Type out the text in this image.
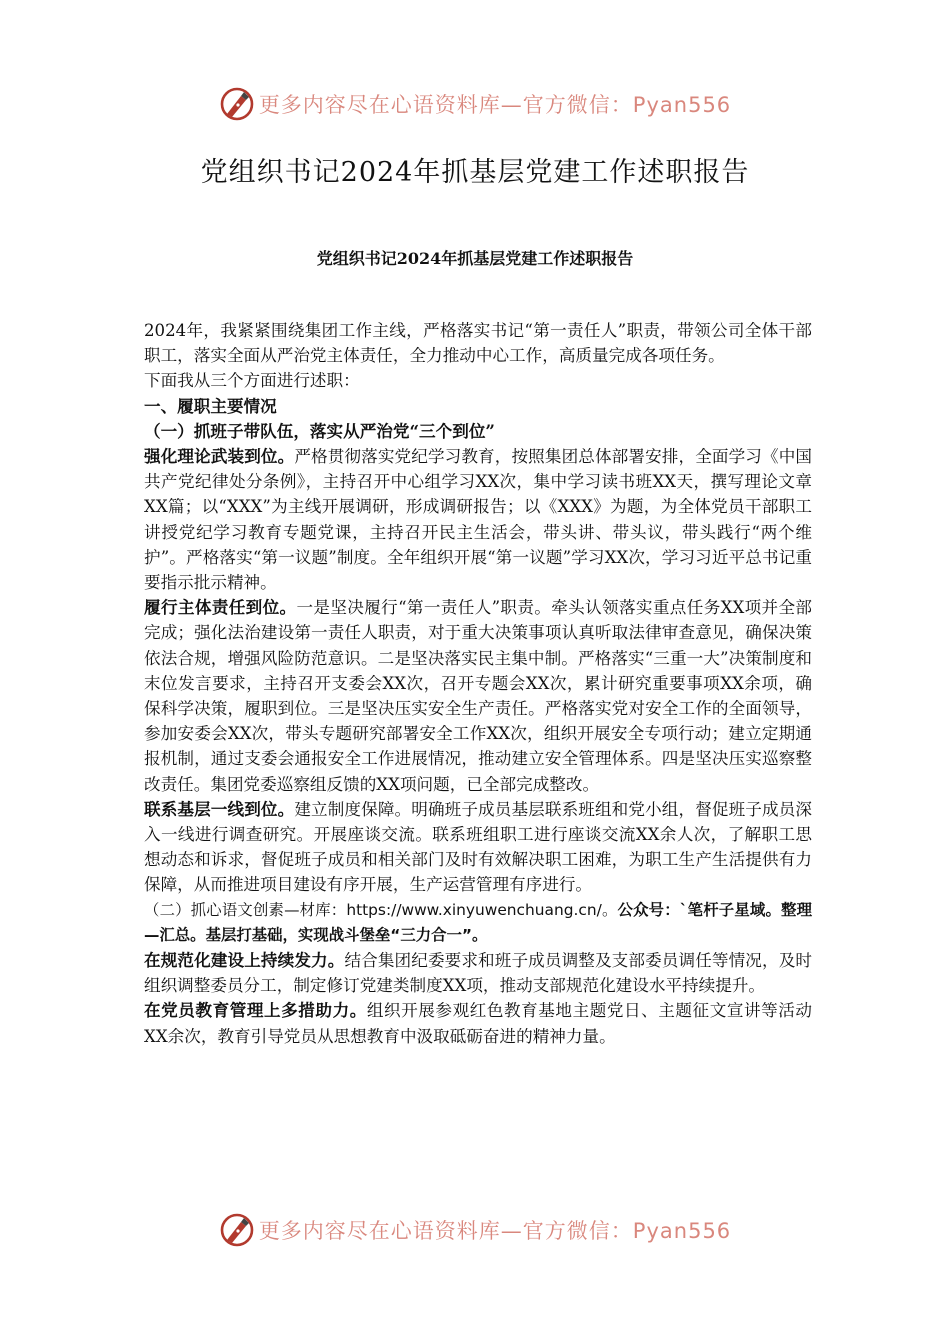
更多内容尽在心语资料库—官方微信：Pyan556
党组织书记2024年抓基层党建工作述职报告
党组织书记2024年抓基层党建工作述职报告

2024年，我紧紧围绕集团工作主线，严格落实书记“第一责任人”职责，带领公司全体干部职工，落实全面从严治党主体责任，全力推动中心工作，高质量完成各项任务。

下面我从三个方面进行述职：

一、履职主要情况

（一）抓班子带队伍，落实从严治党“三个到位”

强化理论武装到位。严格贯彻落实党纪学习教育，按照集团总体部署安排，全面学习《中国共产党纪律处分条例》，主持召开中心组学习XX次，集中学习读书班XX天，撰写理论文章XX篇；以“XXX”为主线开展调研，形成调研报告；以《XXX》为题，为全体党员干部职工讲授党纪学习教育专题党课，主持召开民主生活会，带头讲、带头议，带头践行“两个维护”。严格落实“第一议题”制度。全年组织开展“第一议题”学习XX次，学习习近平总书记重要指示批示精神。

履行主体责任到位。一是坚决履行“第一责任人”职责。牵头认领落实重点任务XX项并全部完成；强化法治建设第一责任人职责，对于重大决策事项认真听取法律审查意见，确保决策依法合规，增强风险防范意识。二是坚决落实民主集中制。严格落实“三重一大”决策制度和末位发言要求，主持召开支委会XX次，召开专题会XX次，累计研究重要事项XX余项，确保科学决策，履职到位。三是坚决压实安全生产责任。严格落实党对安全工作的全面领导，参加安委会XX次，带头专题研究部署安全工作XX次，组织开展安全专项行动；建立定期通报机制，通过支委会通报安全工作进展情况，推动建立安全管理体系。四是坚决压实巡察整改责任。集团党委巡察组反馈的XX项问题，已全部完成整改。

联系基层一线到位。建立制度保障。明确班子成员基层联系班组和党小组，督促班子成员深入一线进行调查研究。开展座谈交流。联系班组职工进行座谈交流XX余人次，了解职工思想动态和诉求，督促班子成员和相关部门及时有效解决职工困难，为职工生产生活提供有力保障，从而推进项目建设有序开展，生产运营管理有序进行。

（二）抓心语文创素—材库：https://www.xinyuwenchuang.cn/。公众号：`笔杆子星域。整理—汇总。基层打基础，实现战斗堡垒“三力合一”。

在规范化建设上持续发力。结合集团纪委要求和班子成员调整及支部委员调任等情况，及时组织调整委员分工，制定修订党建类制度XX项，推动支部规范化建设水平持续提升。

在党员教育管理上多措助力。组织开展参观红色教育基地主题党日、主题征文宣讲等活动XX余次，教育引导党员从思想教育中汲取砥砺奋进的精神力量。

更多内容尽在心语资料库—官方微信：Pyan556
